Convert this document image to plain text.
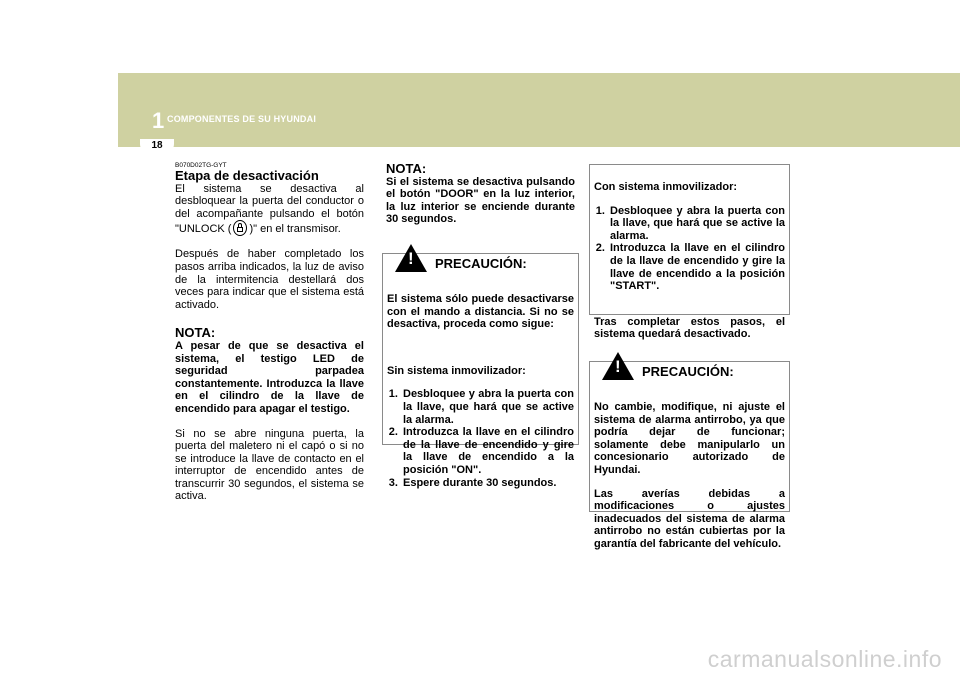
1 COMPONENTES DE SU HYUNDAI
18

B070D02TG-GYT

Etapa de desactivación

El sistema se desactiva al desbloquear la puerta del conductor o del acompañante pulsando el botón "UNLOCK ( )" en el transmisor.

Después de haber completado los pasos arriba indicados, la luz de aviso de la intermitencia destellará dos veces para indicar que el sistema está activado.

NOTA:

A pesar de que se desactiva el sistema, el testigo LED de seguridad parpadea constantemente. Introduzca la llave en el cilindro de la llave de encendido para apagar el testigo.

Si no se abre ninguna puerta, la puerta del maletero ni el capó o si no se introduce la llave de contacto en el interruptor de encendido antes de transcurrir 30 segundos, el sistema se activa.

NOTA:

Si el sistema se desactiva pulsando el botón "DOOR" en la luz interior, la luz interior se enciende durante 30 segundos.

! PRECAUCIÓN:

El sistema sólo puede desactivarse con el mando a distancia. Si no se desactiva, proceda como sigue:

Sin sistema inmovilizador:

1. Desbloquee y abra la puerta con la llave, que hará que se active la alarma.
2. Introduzca la llave en el cilindro de la llave de encendido y gire la llave de encendido a la posición "ON".
3. Espere durante 30 segundos.

Con sistema inmovilizador:

1. Desbloquee y abra la puerta con la llave, que hará que se active la alarma.
2. Introduzca la llave en el cilindro de la llave de encendido y gire la llave de encendido a la posición "START".

Tras completar estos pasos, el sistema quedará desactivado.

! PRECAUCIÓN:

No cambie, modifique, ni ajuste el sistema de alarma antirrobo, ya que podría dejar de funcionar; solamente debe manipularlo un concesionario autorizado de Hyundai.

Las averías debidas a modificaciones o ajustes inadecuados del sistema de alarma antirrobo no están cubiertas por la garantía del fabricante del vehículo.

carmanualsonline.info
